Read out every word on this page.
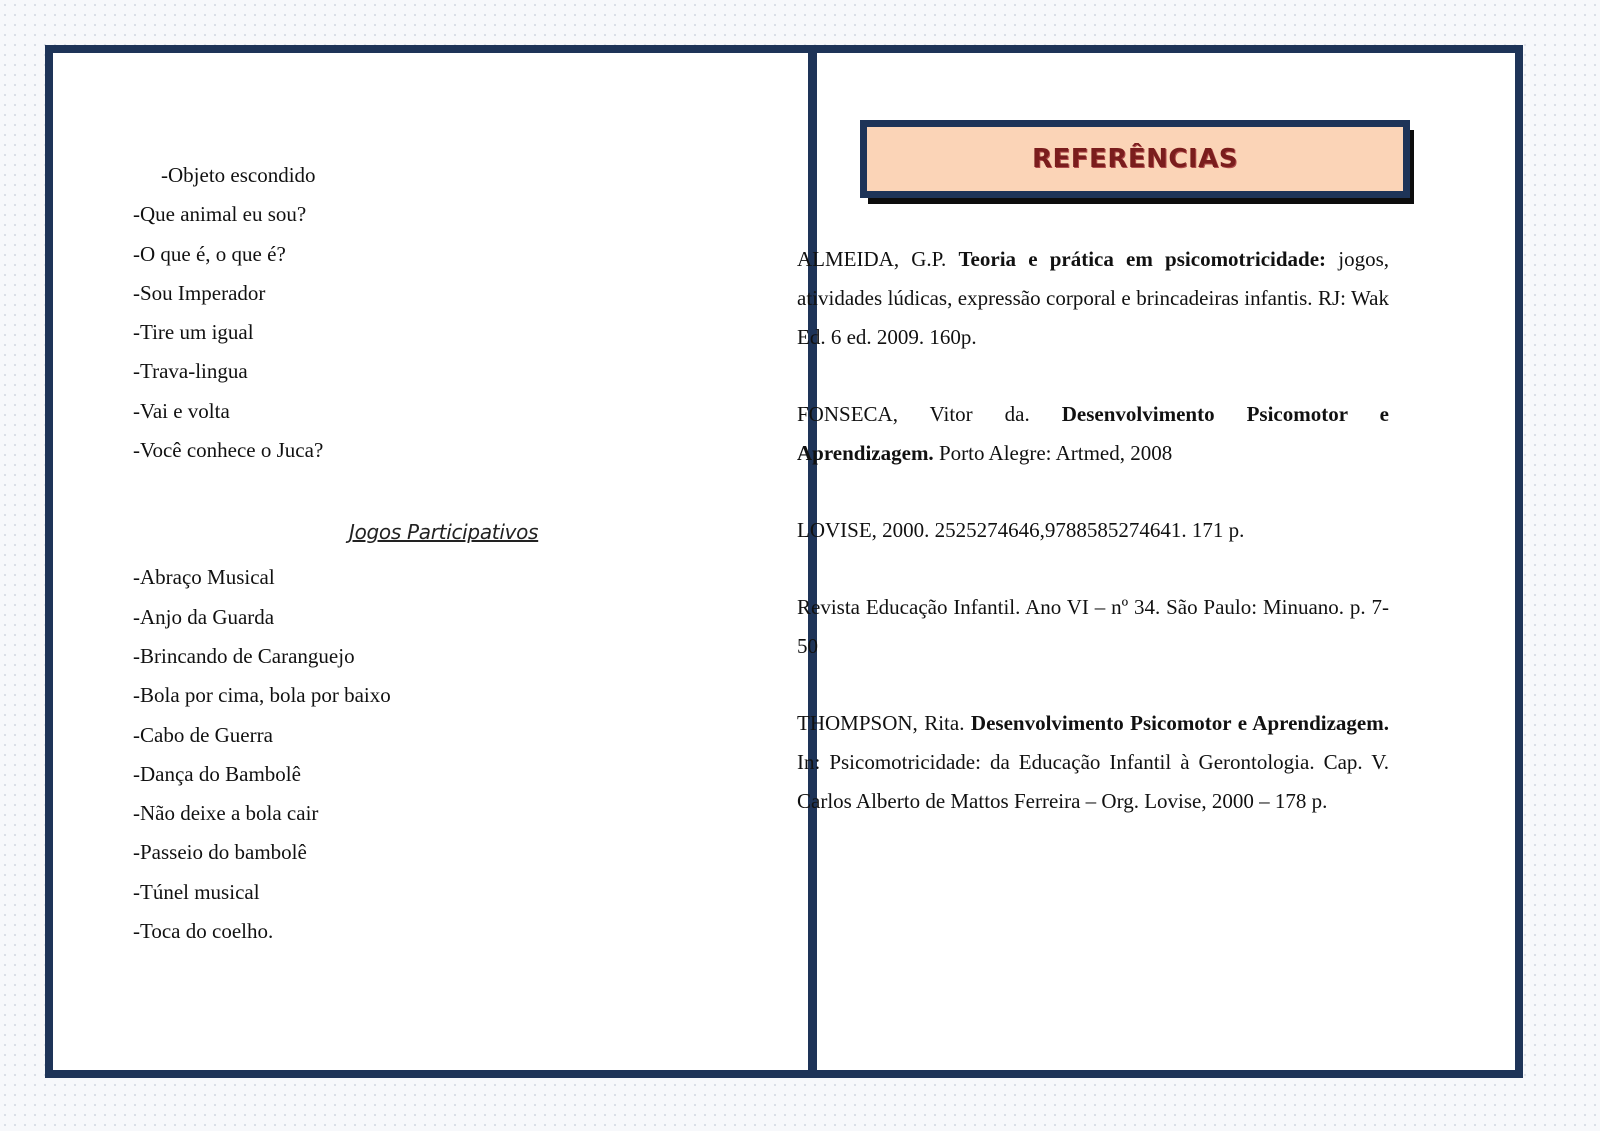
-Objeto escondido
-Que animal eu sou?
-O que é, o que é?
-Sou Imperador
-Tire um igual
-Trava-lingua
-Vai e volta
-Você conhece o Juca?
Jogos Participativos
-Abraço Musical
-Anjo da Guarda
-Brincando de Caranguejo
-Bola por cima, bola por baixo
-Cabo de Guerra
-Dança do Bambolê
-Não deixe a bola cair
-Passeio do bambolê
-Túnel musical
-Toca do coelho.
REFERÊNCIAS

ALMEIDA, G.P. Teoria e prática em psicomotricidade: jogos, atividades lúdicas, expressão corporal e brincadeiras infantis. RJ: Wak Ed. 6 ed. 2009. 160p.

FONSECA, Vitor da. Desenvolvimento Psicomotor e Aprendizagem. Porto Alegre: Artmed, 2008

LOVISE, 2000. 2525274646,9788585274641. 171 p.

Revista Educação Infantil. Ano VI – nº 34. São Paulo: Minuano. p. 7-50

THOMPSON, Rita. Desenvolvimento Psicomotor e Aprendizagem. In: Psicomotricidade: da Educação Infantil à Gerontologia. Cap. V. Carlos Alberto de Mattos Ferreira – Org. Lovise, 2000 – 178 p.
